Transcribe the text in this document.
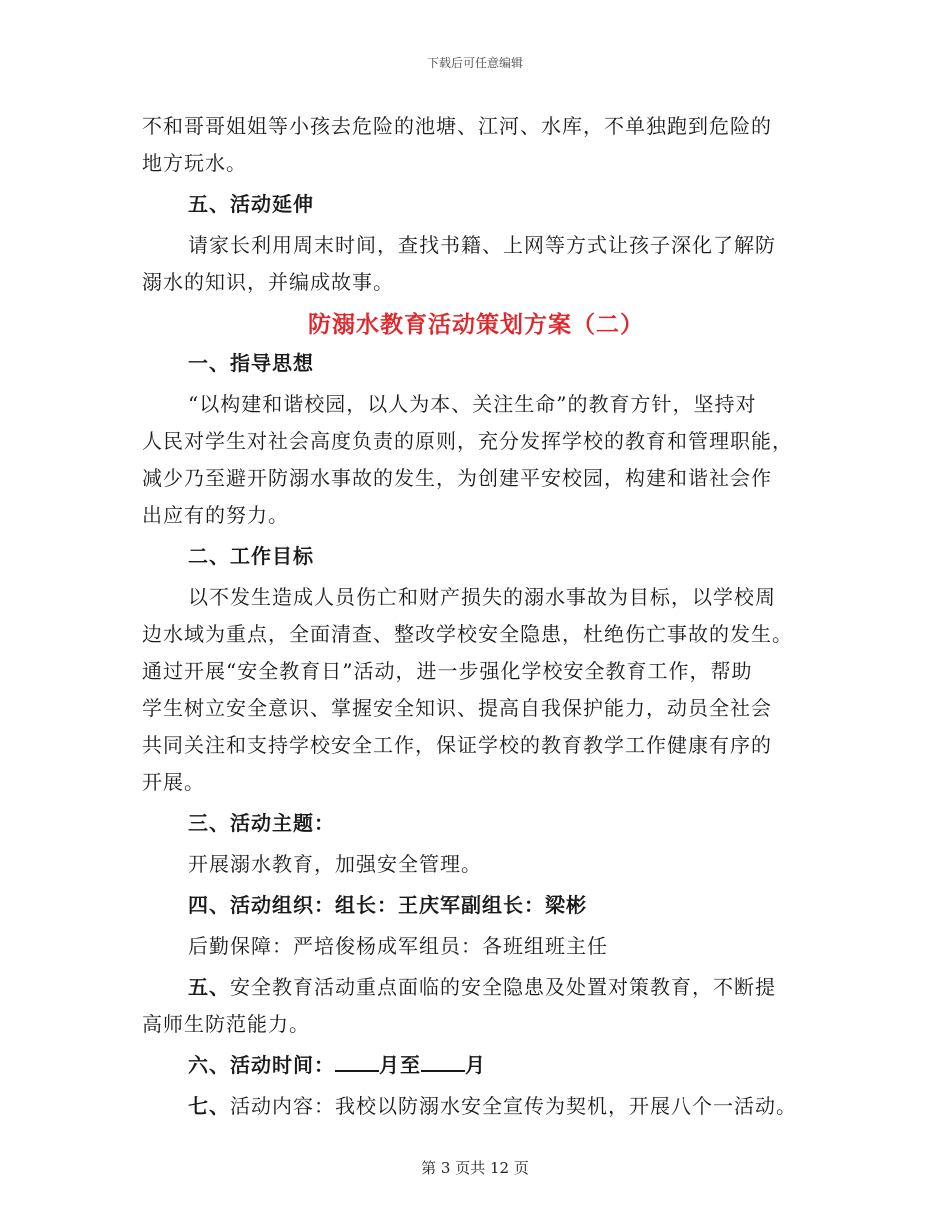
下载后可任意编辑
不和哥哥姐姐等小孩去危险的池塘、江河、水库，不单独跑到危险的
地方玩水。
五、活动延伸
请家长利用周末时间，查找书籍、上网等方式让孩子深化了解防
溺水的知识，并编成故事。
防溺水教育活动策划方案（二）
一、指导思想
“以构建和谐校园，以人为本、关注生命”的教育方针，坚持对
人民对学生对社会高度负责的原则，充分发挥学校的教育和管理职能，
减少乃至避开防溺水事故的发生，为创建平安校园，构建和谐社会作
出应有的努力。
二、工作目标
以不发生造成人员伤亡和财产损失的溺水事故为目标，以学校周
边水域为重点，全面清查、整改学校安全隐患，杜绝伤亡事故的发生。
通过开展“安全教育日”活动，进一步强化学校安全教育工作，帮助
学生树立安全意识、掌握安全知识、提高自我保护能力，动员全社会
共同关注和支持学校安全工作，保证学校的教育教学工作健康有序的
开展。
三、活动主题：
开展溺水教育，加强安全管理。
四、活动组织：组长：王庆军副组长：梁彬
后勤保障：严培俊杨成军组员：各班组班主任
五、安全教育活动重点面临的安全隐患及处置对策教育，不断提
高师生防范能力。
六、活动时间： 月至 月
七、活动内容：我校以防溺水安全宣传为契机，开展八个一活动。
第 3 页共 12 页
